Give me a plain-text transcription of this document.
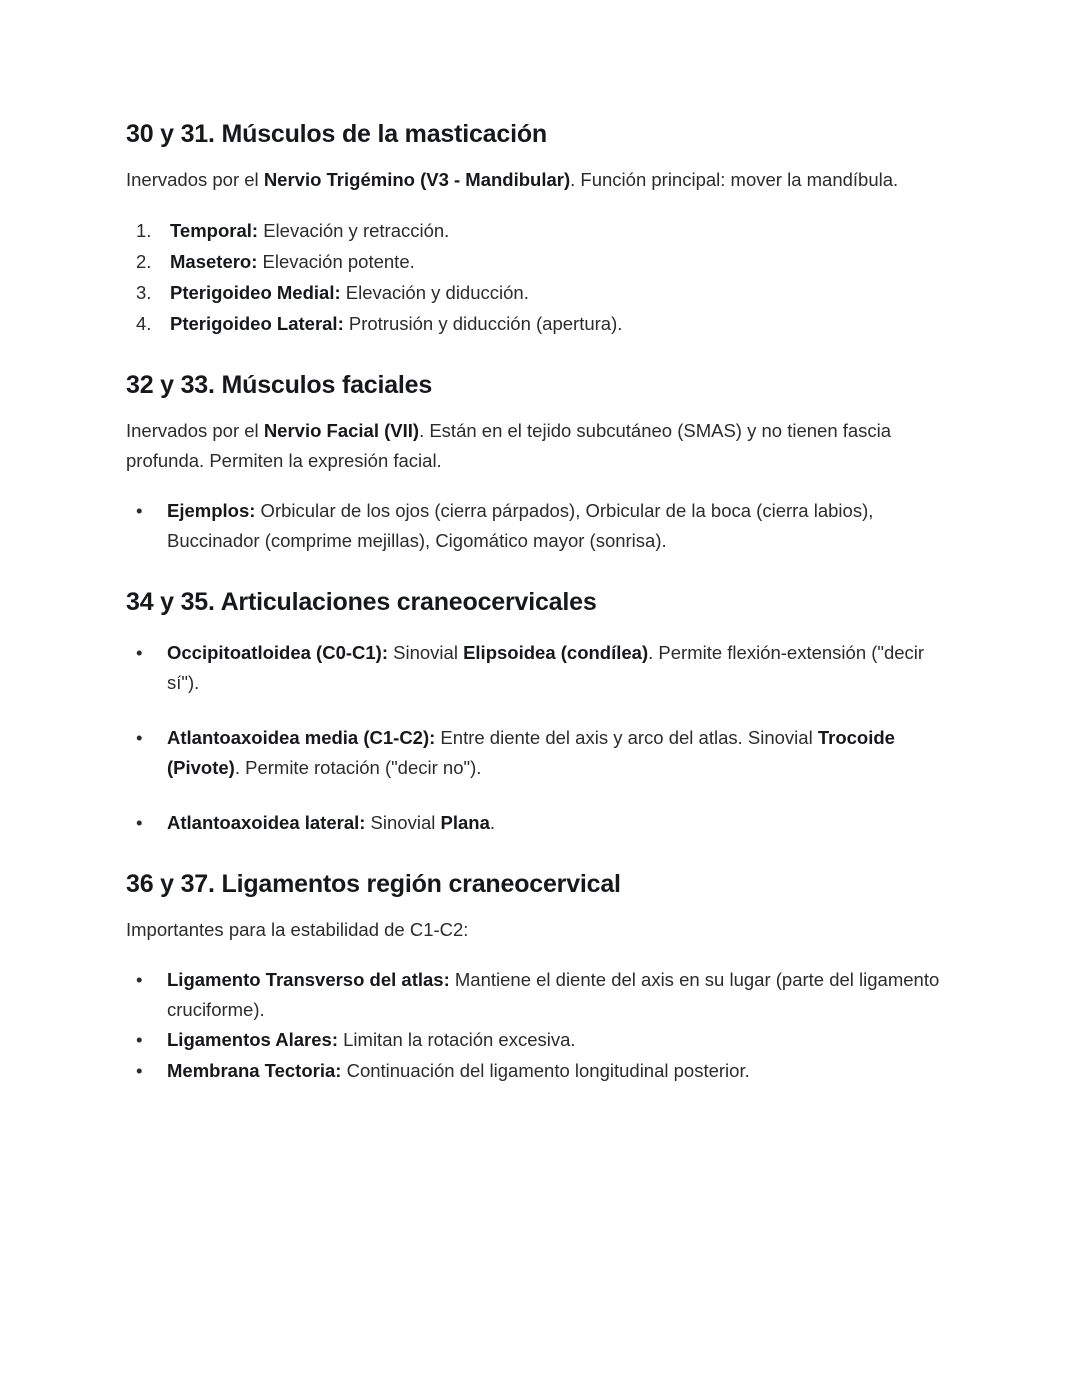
30 y 31. Músculos de la masticación

Inervados por el Nervio Trigémino (V3 - Mandibular). Función principal: mover la mandíbula.

1.	Temporal: Elevación y retracción.
2.	Masetero: Elevación potente.
3.	Pterigoideo Medial: Elevación y diducción.
4.	Pterigoideo Lateral: Protrusión y diducción (apertura).
32 y 33. Músculos faciales

Inervados por el Nervio Facial (VII). Están en el tejido subcutáneo (SMAS) y no tienen fascia profunda. Permiten la expresión facial.

• Ejemplos: Orbicular de los ojos (cierra párpados), Orbicular de la boca (cierra labios), Buccinador (comprime mejillas), Cigomático mayor (sonrisa).
34 y 35. Articulaciones craneocervicales
• Occipitoatloidea (C0-C1): Sinovial Elipsoidea (condílea). Permite flexión-extensión ("decir sí").
• Atlantoaxoidea media (C1-C2): Entre diente del axis y arco del atlas. Sinovial Trocoide (Pivote). Permite rotación ("decir no").
• Atlantoaxoidea lateral: Sinovial Plana.
36 y 37. Ligamentos región craneocervical

Importantes para la estabilidad de C1-C2:

• Ligamento Transverso del atlas: Mantiene el diente del axis en su lugar (parte del ligamento cruciforme).
• Ligamentos Alares: Limitan la rotación excesiva.
• Membrana Tectoria: Continuación del ligamento longitudinal posterior.
